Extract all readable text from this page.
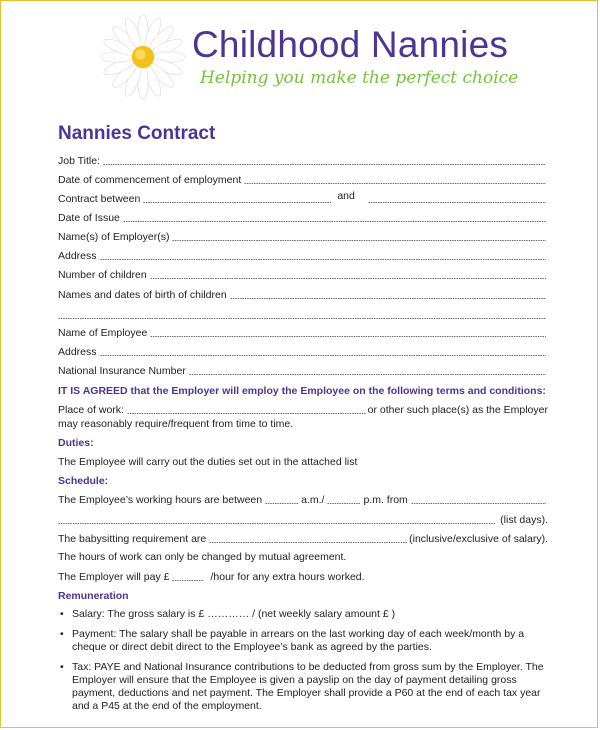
Childhood Nannies
Helping you make the perfect choice
Nannies Contract
Job Title:
Date of commencement of employment
Contract between	and
Date of Issue
Name(s) of Employer(s)
Address
Number of children
Names and dates of birth of children
Name of Employee
Address
National Insurance Number
IT IS AGREED that the Employer will employ the Employee on the following terms and conditions:
Place of work:	or other such place(s) as the Employer
may reasonably require/frequent from time to time.
Duties:
The Employee will carry out the duties set out in the attached list
Schedule:
The Employee’s working hours are between	a.m./	p.m. from
(list days).
The babysitting requirement are	(inclusive/exclusive of salary).
The hours of work can only be changed by mutual agreement.
The Employer will pay £	/hour for any extra hours worked.
Remuneration
• Salary: The gross salary is £ ………… / (net weekly salary amount £ )
• Payment: The salary shall be payable in arrears on the last working day of each week/month by a
cheque or direct debit direct to the Employee’s bank as agreed by the parties.
• Tax: PAYE and National Insurance contributions to be deducted from gross sum by the Employer. The
Employer will ensure that the Employee is given a payslip on the day of payment detailing gross
payment, deductions and net payment. The Employer shall provide a P60 at the end of each tax year
and a P45 at the end of the employment.
